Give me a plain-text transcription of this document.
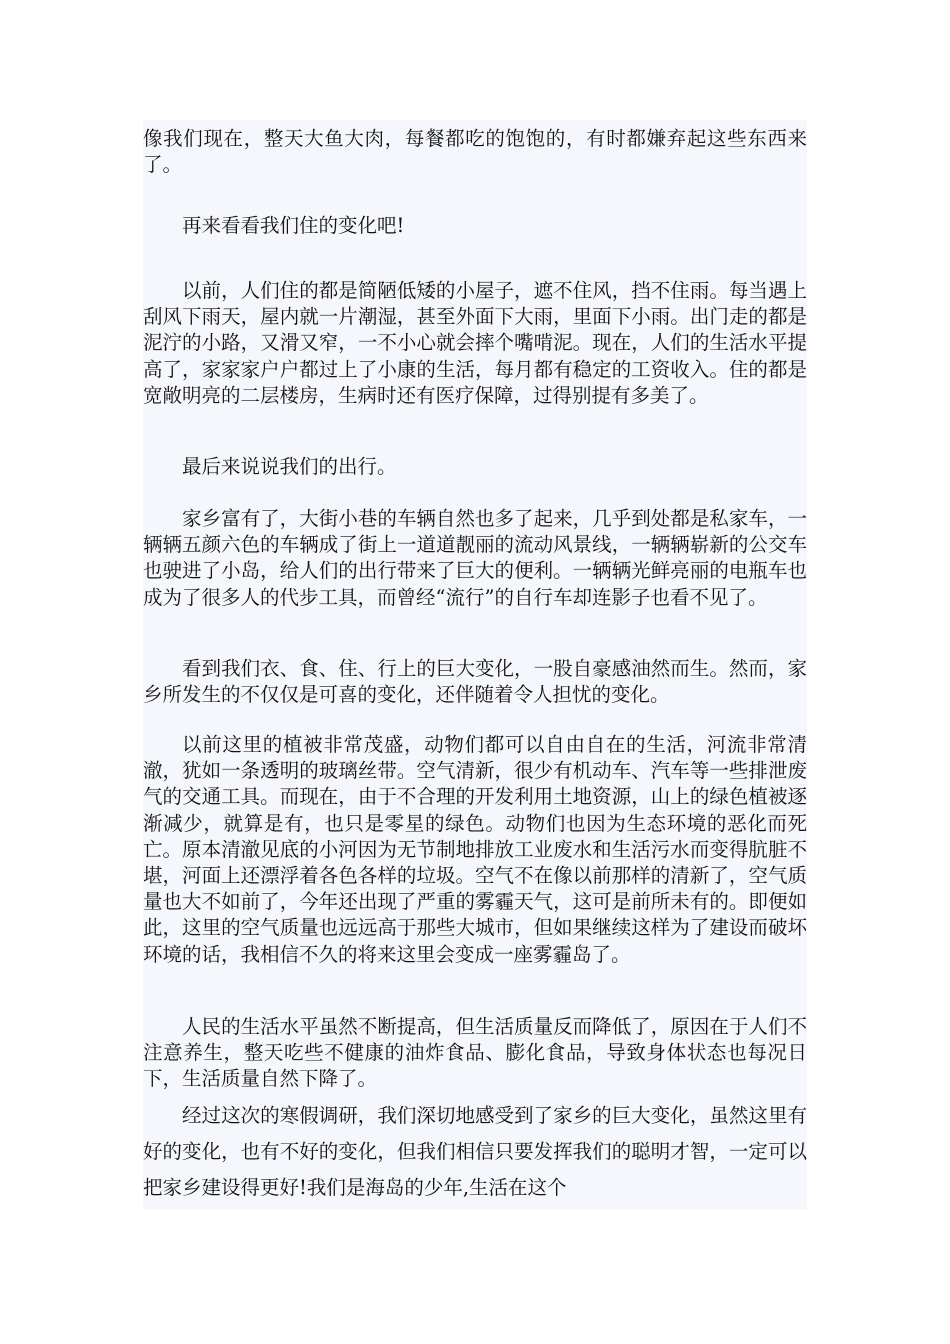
像我们现在，整天大鱼大肉，每餐都吃的饱饱的，有时都嫌弃起这些东西来了。

再来看看我们住的变化吧!

以前，人们住的都是简陋低矮的小屋子，遮不住风，挡不住雨。每当遇上刮风下雨天，屋内就一片潮湿，甚至外面下大雨，里面下小雨。出门走的都是泥泞的小路，又滑又窄，一不小心就会摔个嘴啃泥。现在，人们的生活水平提高了，家家家户户都过上了小康的生活，每月都有稳定的工资收入。住的都是宽敞明亮的二层楼房，生病时还有医疗保障，过得别提有多美了。

最后来说说我们的出行。

家乡富有了，大街小巷的车辆自然也多了起来，几乎到处都是私家车，一辆辆五颜六色的车辆成了街上一道道靓丽的流动风景线，一辆辆崭新的公交车也驶进了小岛，给人们的出行带来了巨大的便利。一辆辆光鲜亮丽的电瓶车也成为了很多人的代步工具，而曾经“流行”的自行车却连影子也看不见了。

看到我们衣、食、住、行上的巨大变化，一股自豪感油然而生。然而，家乡所发生的不仅仅是可喜的变化，还伴随着令人担忧的变化。

以前这里的植被非常茂盛，动物们都可以自由自在的生活，河流非常清澈，犹如一条透明的玻璃丝带。空气清新，很少有机动车、汽车等一些排泄废气的交通工具。而现在，由于不合理的开发利用土地资源，山上的绿色植被逐渐减少，就算是有，也只是零星的绿色。动物们也因为生态环境的恶化而死亡。原本清澈见底的小河因为无节制地排放工业废水和生活污水而变得肮脏不堪，河面上还漂浮着各色各样的垃圾。空气不在像以前那样的清新了，空气质量也大不如前了，今年还出现了严重的雾霾天气，这可是前所未有的。即便如此，这里的空气质量也远远高于那些大城市，但如果继续这样为了建设而破坏环境的话，我相信不久的将来这里会变成一座雾霾岛了。

人民的生活水平虽然不断提高，但生活质量反而降低了，原因在于人们不注意养生，整天吃些不健康的油炸食品、膨化食品，导致身体状态也每况日下，生活质量自然下降了。

经过这次的寒假调研，我们深切地感受到了家乡的巨大变化，虽然这里有好的变化，也有不好的变化，但我们相信只要发挥我们的聪明才智，一定可以把家乡建设得更好!我们是海岛的少年,生活在这个
